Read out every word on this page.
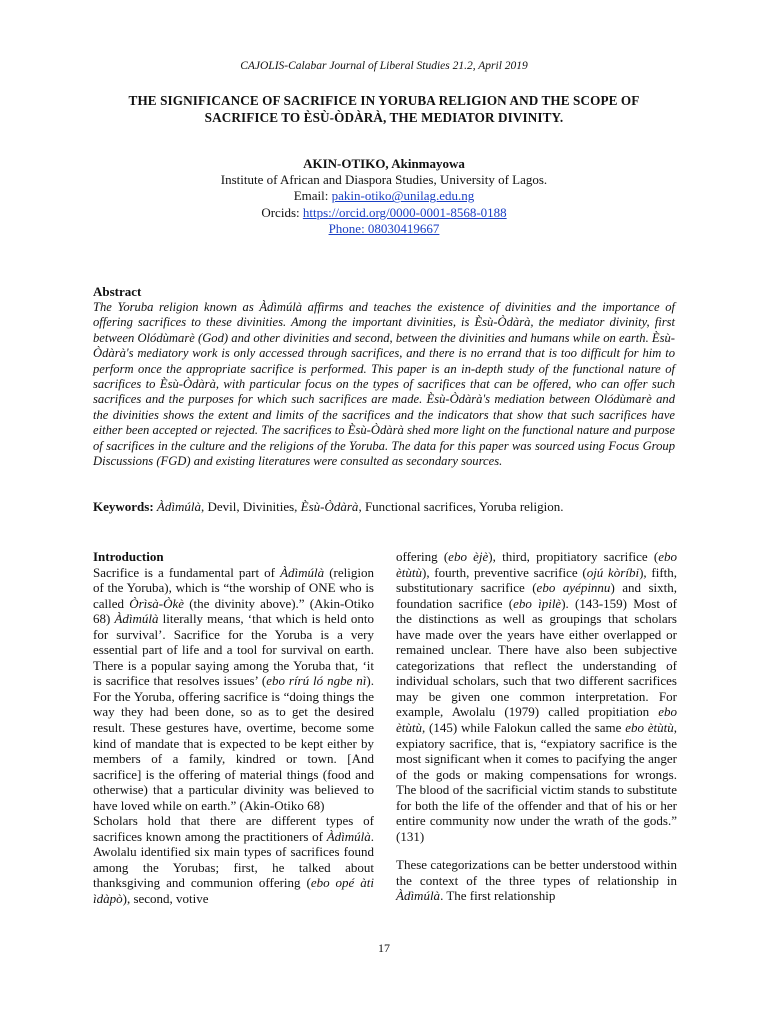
CAJOLIS-Calabar Journal of Liberal Studies 21.2, April 2019
THE SIGNIFICANCE OF SACRIFICE IN YORUBA RELIGION AND THE SCOPE OF
SACRIFICE TO ÈSÙ-ÒDÀRÀ, THE MEDIATOR DIVINITY.
AKIN-OTIKO, Akinmayowa
Institute of African and Diaspora Studies, University of Lagos.
Email: pakin-otiko@unilag.edu.ng
Orcids: https://orcid.org/0000-0001-8568-0188
Phone: 08030419667
Abstract
The Yoruba religion known as Àdìmúlà affirms and teaches the existence of divinities and the importance of offering sacrifices to these divinities. Among the important divinities, is Èsù-Òdàrà, the mediator divinity, first between Olódùmarè (God) and other divinities and second, between the divinities and humans while on earth. Èsù-Òdàrà's mediatory work is only accessed through sacrifices, and there is no errand that is too difficult for him to perform once the appropriate sacrifice is performed. This paper is an in-depth study of the functional nature of sacrifices to Èsù-Òdàrà, with particular focus on the types of sacrifices that can be offered, who can offer such sacrifices and the purposes for which such sacrifices are made. Èsù-Òdàrà's mediation between Olódùmarè and the divinities shows the extent and limits of the sacrifices and the indicators that show that such sacrifices have either been accepted or rejected. The sacrifices to Èsù-Òdàrà shed more light on the functional nature and purpose of sacrifices in the culture and the religions of the Yoruba. The data for this paper was sourced using Focus Group Discussions (FGD) and existing literatures were consulted as secondary sources.
Keywords: Àdìmúlà, Devil, Divinities, Èsù-Òdàrà, Functional sacrifices, Yoruba religion.
Introduction

Sacrifice is a fundamental part of Àdìmúlà (religion of the Yoruba), which is “the worship of ONE who is called Òrìsà-Òkè (the divinity above).” (Akin-Otiko 68) Àdìmúlà literally means, ‘that which is held onto for survival’. Sacrifice for the Yoruba is a very essential part of life and a tool for survival on earth. There is a popular saying among the Yoruba that, ‘it is sacrifice that resolves issues’ (ebo rírú ló ngbe nì). For the Yoruba, offering sacrifice is “doing things the way they had been done, so as to get the desired result. These gestures have, overtime, become some kind of mandate that is expected to be kept either by members of a family, kindred or town. [And sacrifice] is the offering of material things (food and otherwise) that a particular divinity was believed to have loved while on earth.” (Akin-Otiko 68)

Scholars hold that there are different types of sacrifices known among the practitioners of Àdìmúlà. Awolalu identified six main types of sacrifices found among the Yorubas; first, he talked about thanksgiving and communion offering (ebo opé àti ìdàpò), second, votive

offering (ebo èjè), third, propitiatory sacrifice (ebo ètùtù), fourth, preventive sacrifice (ojú kòríbi), fifth, substitutionary sacrifice (ebo ayépinnu) and sixth, foundation sacrifice (ebo ìpilè). (143-159) Most of the distinctions as well as groupings that scholars have made over the years have either overlapped or remained unclear. There have also been subjective categorizations that reflect the understanding of individual scholars, such that two different sacrifices may be given one common interpretation. For example, Awolalu (1979) called propitiation ebo ètùtù, (145) while Falokun called the same ebo ètùtù, expiatory sacrifice, that is, “expiatory sacrifice is the most significant when it comes to pacifying the anger of the gods or making compensations for wrongs. The blood of the sacrificial victim stands to substitute for both the life of the offender and that of his or her entire community now under the wrath of the gods.” (131)

These categorizations can be better understood within the context of the three types of relationship in Àdìmúlà. The first relationship

17
